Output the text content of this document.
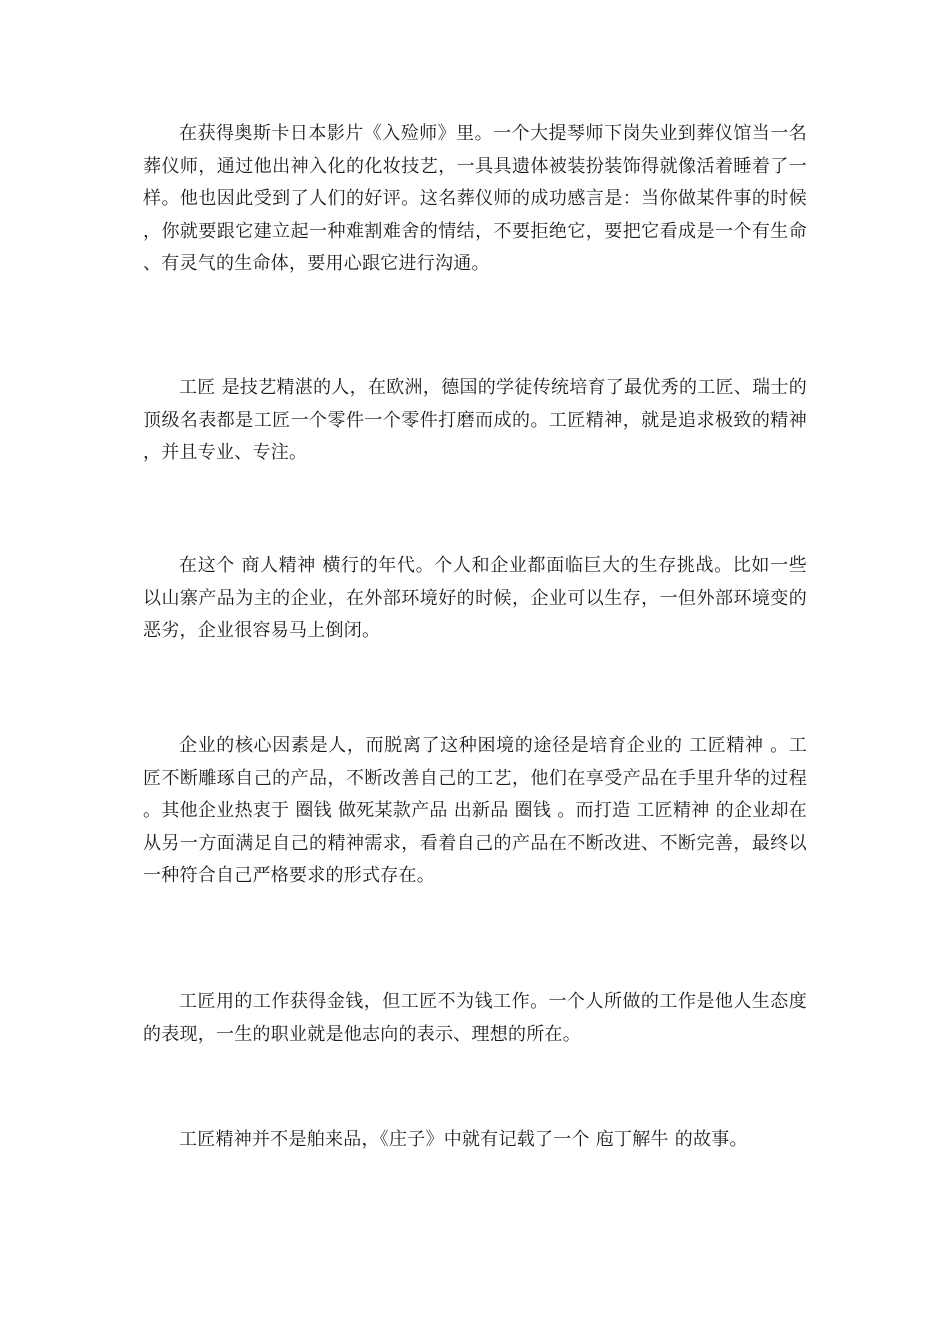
在获得奥斯卡日本影片《入殓师》里。一个大提琴师下岗失业到葬仪馆当一名葬仪师，通过他出神入化的化妆技艺，一具具遗体被装扮装饰得就像活着睡着了一样。他也因此受到了人们的好评。这名葬仪师的成功感言是：当你做某件事的时候，你就要跟它建立起一种难割难舍的情结，不要拒绝它，要把它看成是一个有生命、有灵气的生命体，要用心跟它进行沟通。

工匠 是技艺精湛的人，在欧洲，德国的学徒传统培育了最优秀的工匠、瑞士的顶级名表都是工匠一个零件一个零件打磨而成的。工匠精神，就是追求极致的精神，并且专业、专注。

在这个 商人精神 横行的年代。个人和企业都面临巨大的生存挑战。比如一些以山寨产品为主的企业，在外部环境好的时候，企业可以生存，一但外部环境变的恶劣，企业很容易马上倒闭。

企业的核心因素是人，而脱离了这种困境的途径是培育企业的 工匠精神 。工匠不断雕琢自己的产品，不断改善自己的工艺，他们在享受产品在手里升华的过程。其他企业热衷于 圈钱 做死某款产品 出新品 圈钱 。而打造 工匠精神 的企业却在从另一方面满足自己的精神需求，看着自己的产品在不断改进、不断完善，最终以一种符合自己严格要求的形式存在。

工匠用的工作获得金钱，但工匠不为钱工作。一个人所做的工作是他人生态度的表现，一生的职业就是他志向的表示、理想的所在。

工匠精神并不是舶来品，《庄子》中就有记载了一个 庖丁解牛 的故事。
